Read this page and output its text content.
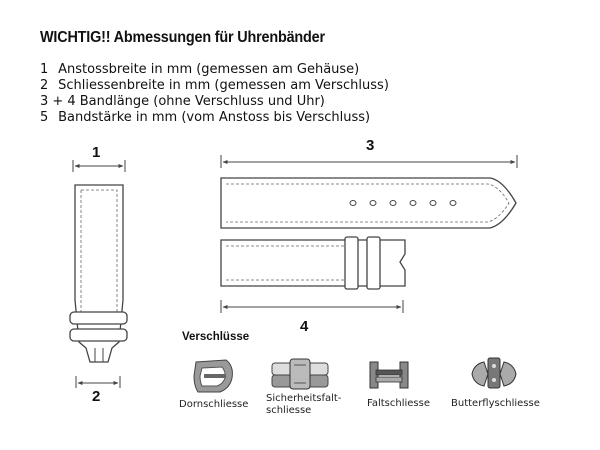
WICHTIG!! Abmessungen für Uhrenbänder
1 Anstossbreite in mm (gemessen am Gehäuse)
2 Schliessenbreite in mm (gemessen am Verschluss)
3 + 4 Bandlänge (ohne Verschluss und Uhr)
5 Bandstärke in mm (vom Anstoss bis Verschluss)
1
2
3
4
Verschlüsse
Dornschliesse
Sicherheitsfalt-
schliesse
Faltschliesse Butterflyschliesse
